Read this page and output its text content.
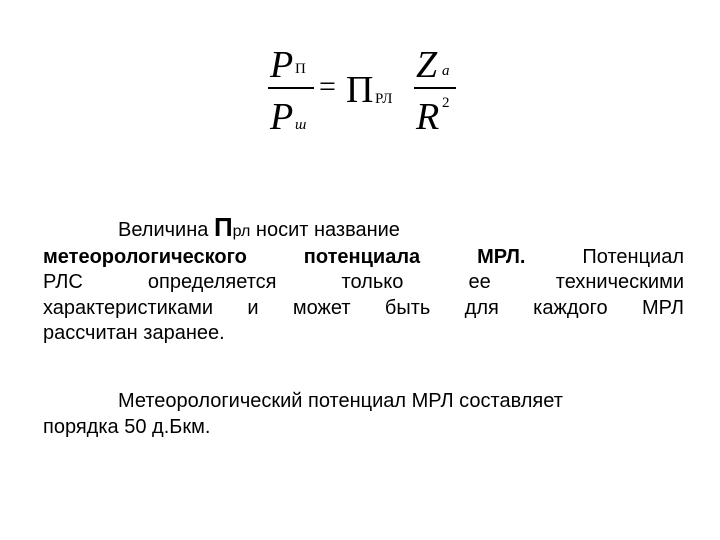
P П
P ш
= П РЛ
Z a
R 2
Величина Прл носит название
метеорологического потенциала МРЛ. Потенциал
РЛС определяется только ее техническими
характеристиками и может быть для каждого МРЛ
рассчитан заранее.
Метеорологический потенциал МРЛ составляет
порядка 50 д.Бкм.
